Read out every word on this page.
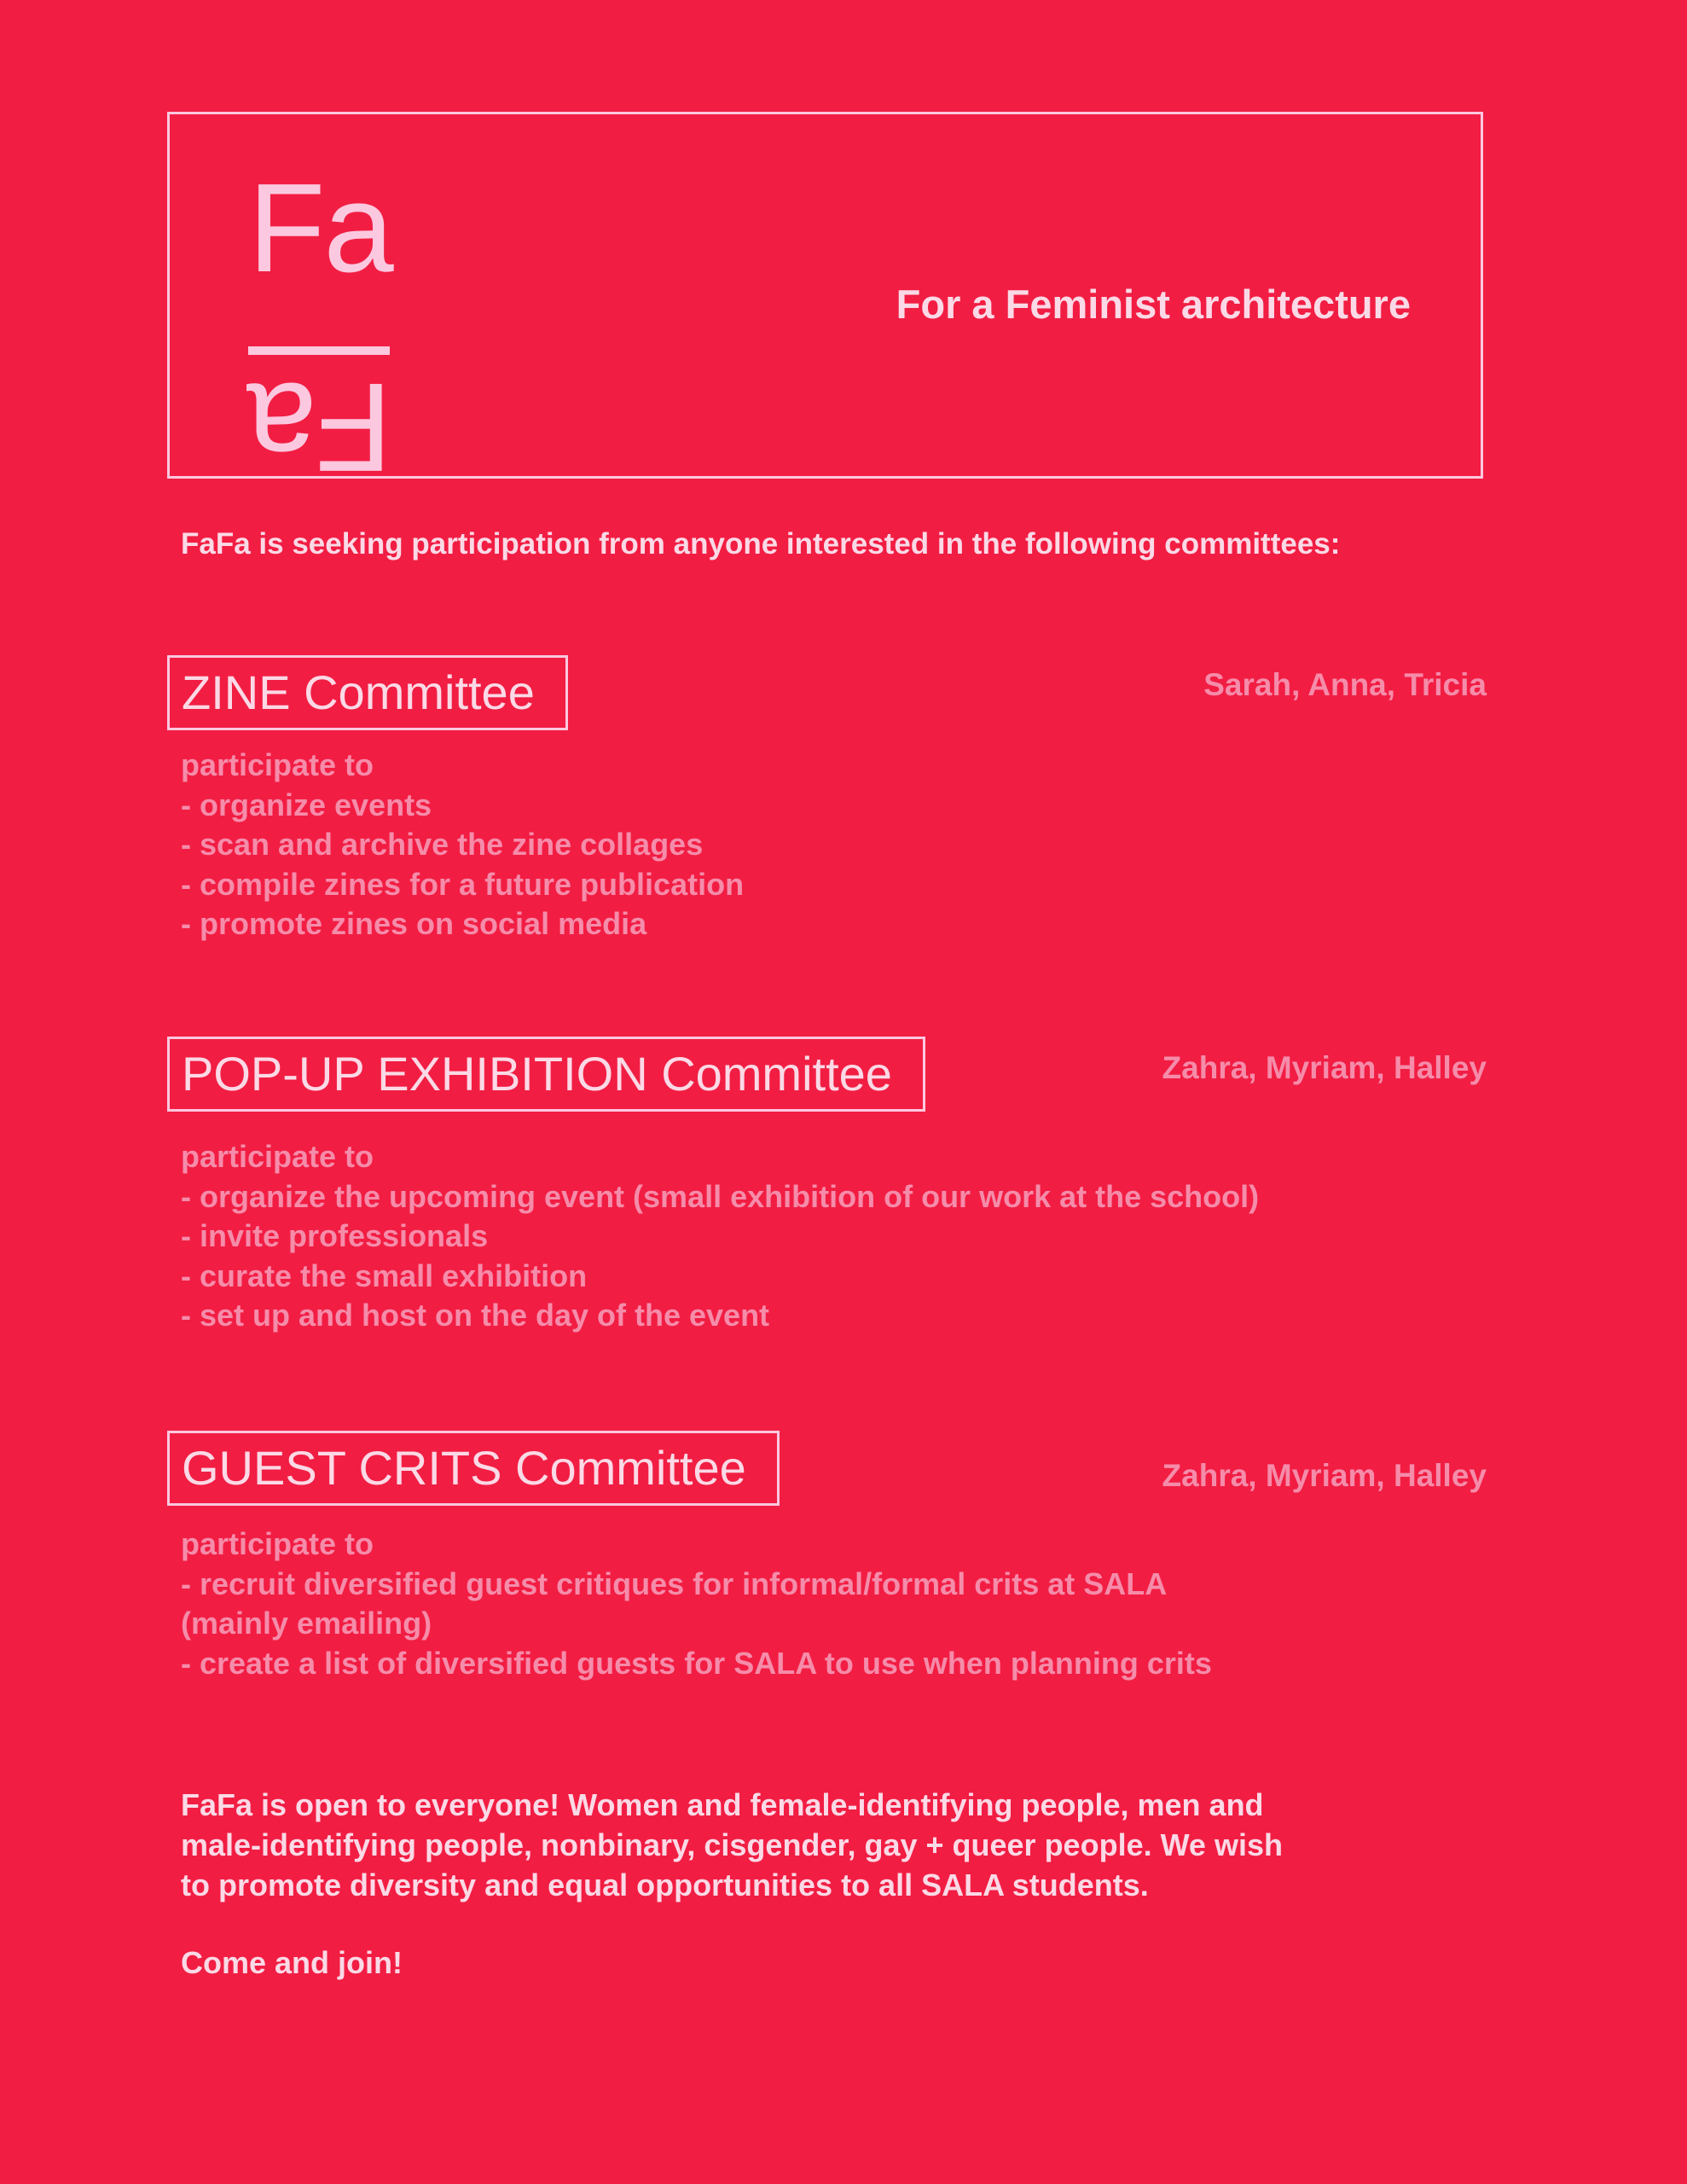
Fa
Fa
For a Feminist architecture
FaFa is seeking participation from anyone interested in the following committees:
ZINE Committee	Sarah, Anna, Tricia
participate to
- organize events
- scan and archive the zine collages
- compile zines for a future publication
- promote zines on social media
POP-UP EXHIBITION Committee	Zahra, Myriam, Halley
participate to
- organize the upcoming event (small exhibition of our work at the school)
- invite professionals
- curate the small exhibition
- set up and host on the day of the event
GUEST CRITS Committee	Zahra, Myriam, Halley
participate to
- recruit diversified guest critiques for informal/formal crits at SALA
(mainly emailing)
- create a list of diversified guests for SALA to use when planning crits
FaFa is open to everyone! Women and female-identifying people, men and
male-identifying people, nonbinary, cisgender, gay + queer people. We wish
to promote diversity and equal opportunities to all SALA students.
Come and join!
